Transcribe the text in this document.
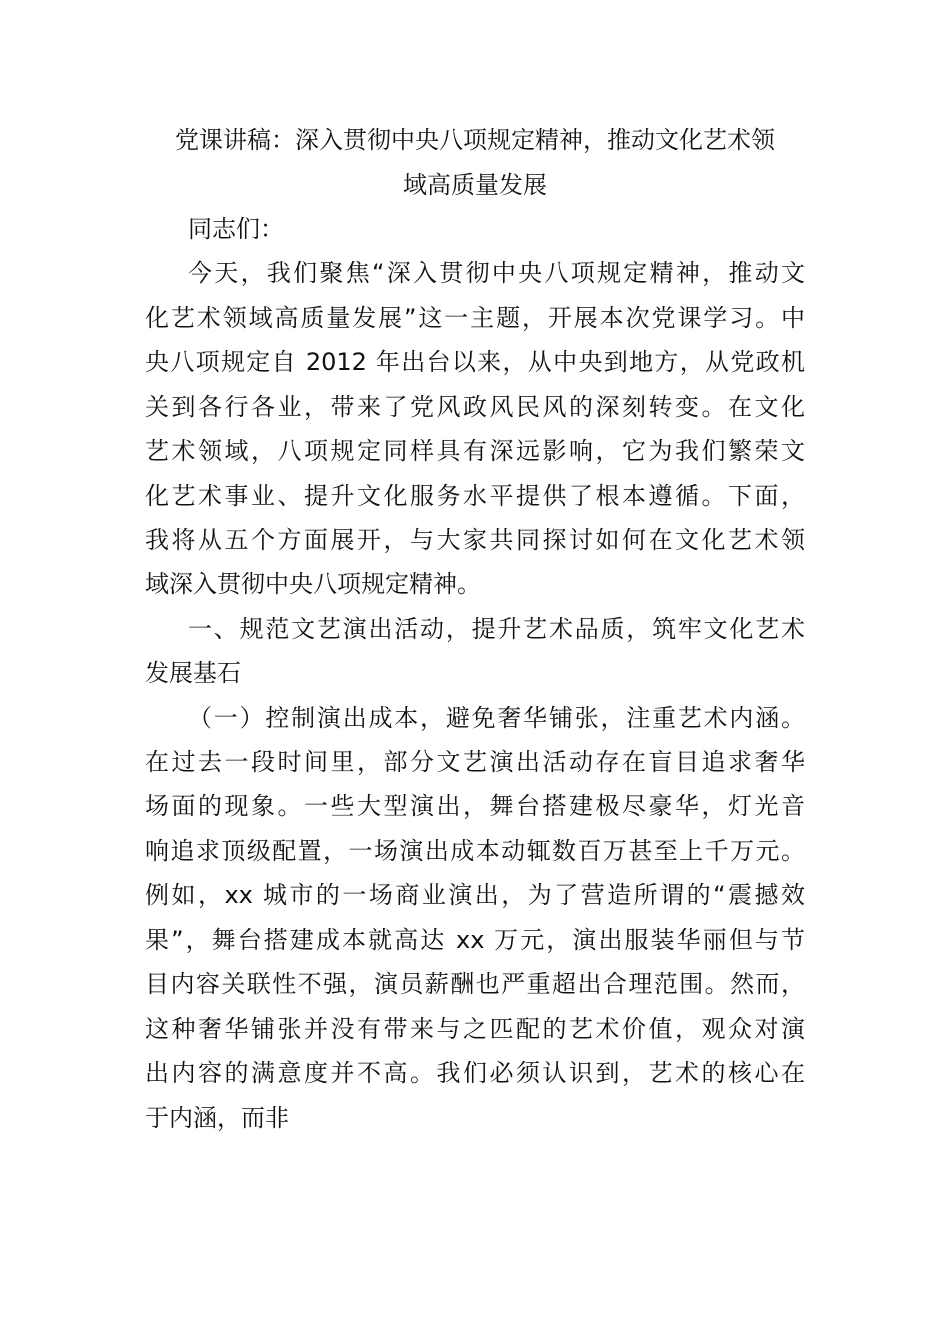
党课讲稿：深入贯彻中央八项规定精神，推动文化艺术领
域高质量发展
同志们：
今天，我们聚焦“深入贯彻中央八项规定精神，推动文
化艺术领域高质量发展”这一主题，开展本次党课学习。中
央八项规定自 2012 年出台以来，从中央到地方，从党政机
关到各行各业，带来了党风政风民风的深刻转变。在文化
艺术领域，八项规定同样具有深远影响，它为我们繁荣文
化艺术事业、提升文化服务水平提供了根本遵循。下面，
我将从五个方面展开，与大家共同探讨如何在文化艺术领
域深入贯彻中央八项规定精神。
一、规范文艺演出活动，提升艺术品质，筑牢文化艺术
发展基石
（一）控制演出成本，避免奢华铺张，注重艺术内涵。
在过去一段时间里，部分文艺演出活动存在盲目追求奢华
场面的现象。一些大型演出，舞台搭建极尽豪华，灯光音
响追求顶级配置，一场演出成本动辄数百万甚至上千万元。
例如，xx 城市的一场商业演出，为了营造所谓的“震撼效
果”，舞台搭建成本就高达 xx 万元，演出服装华丽但与节
目内容关联性不强，演员薪酬也严重超出合理范围。然而，
这种奢华铺张并没有带来与之匹配的艺术价值，观众对演
出内容的满意度并不高。我们必须认识到，艺术的核心在
于内涵，而非
